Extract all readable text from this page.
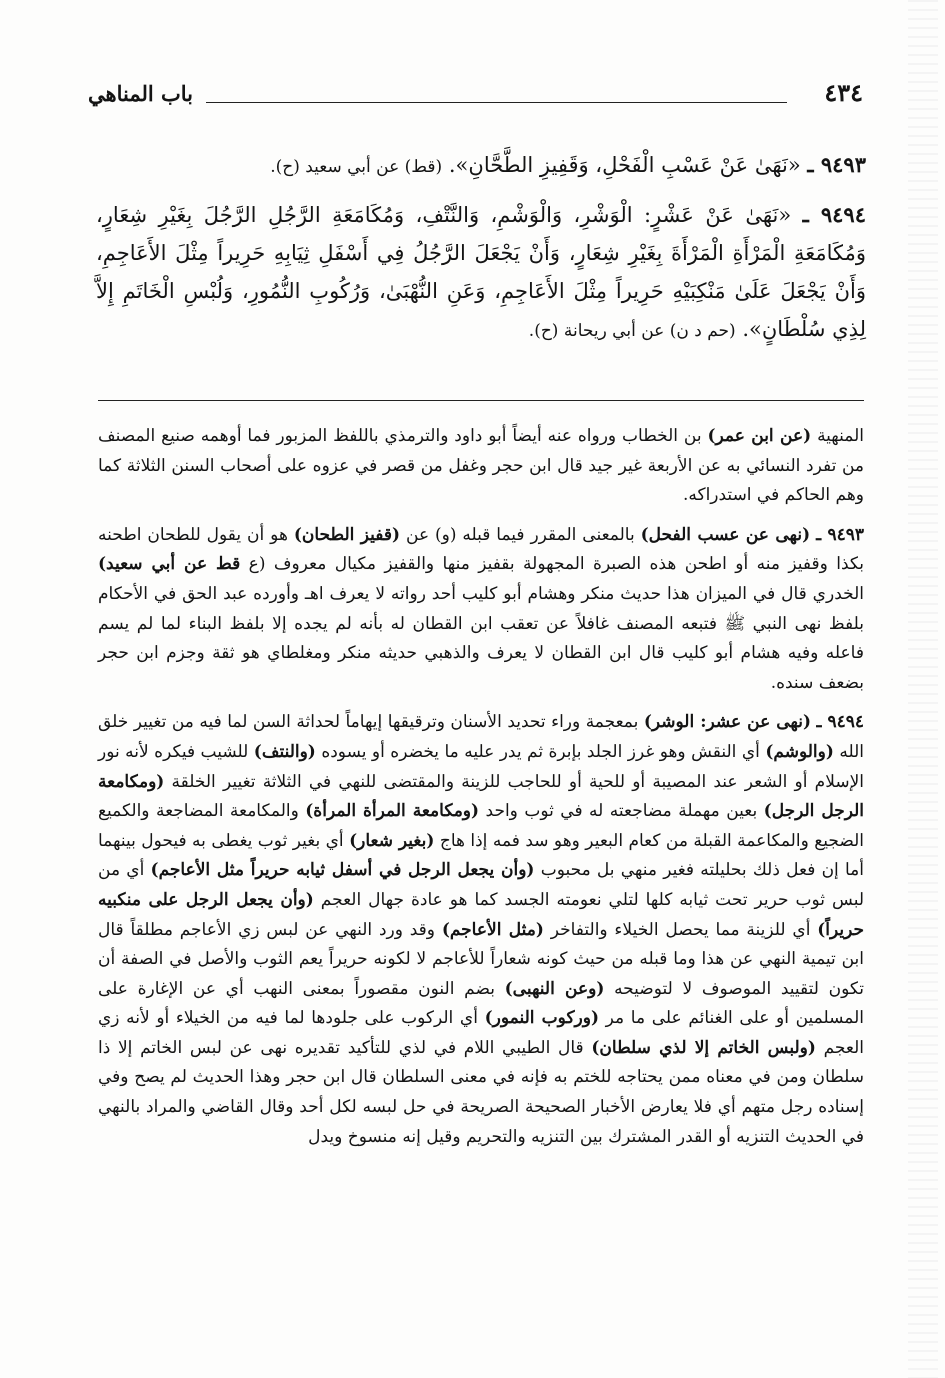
٤٣٤
باب المناهي

٩٤٩٣ ـ «نَهَىٰ عَنْ عَسْبِ الْفَحْلِ، وَقَفِيزِ الطَّحَّانِ». (قط) عن أبي سعيد (ح).

٩٤٩٤ ـ «نَهَىٰ عَنْ عَشْرٍ: الْوَشْرِ، وَالْوَشْمِ، وَالنَّتْفِ، وَمُكَامَعَةِ الرَّجُلِ الرَّجُلَ بِغَيْرِ شِعَارٍ، وَمُكَامَعَةِ الْمَرْأَةِ الْمَرْأَةَ بِغَيْرِ شِعَارٍ، وَأَنْ يَجْعَلَ الرَّجُلُ فِي أَسْفَلِ ثِيَابِهِ حَرِيراً مِثْلَ الأَعَاجِمِ، وَأَنْ يَجْعَلَ عَلَىٰ مَنْكِبَيْهِ حَرِيراً مِثْلَ الأَعَاجِمِ، وَعَنِ النُّهْبَىٰ، وَرُكُوبِ النُّمُورِ، وَلُبْسِ الْخَاتَمِ إِلاَّ لِذِي سُلْطَانٍ». (حم د ن) عن أبي ريحانة (ح).

المنهية (عن ابن عمر) بن الخطاب ورواه عنه أيضاً أبو داود والترمذي باللفظ المزبور فما أوهمه صنيع المصنف من تفرد النسائي به عن الأربعة غير جيد قال ابن حجر وغفل من قصر في عزوه على أصحاب السنن الثلاثة كما وهم الحاكم في استدراكه.

٩٤٩٣ ـ (نهى عن عسب الفحل) بالمعنى المقرر فيما قبله (و) عن (قفيز الطحان) هو أن يقول للطحان اطحنه بكذا وقفيز منه أو اطحن هذه الصبرة المجهولة بقفيز منها والقفيز مكيال معروف (ع قط عن أبي سعيد) الخدري قال في الميزان هذا حديث منكر وهشام أبو كليب أحد رواته لا يعرف اهـ وأورده عبد الحق في الأحكام بلفظ نهى النبي ﷺ فتبعه المصنف غافلاً عن تعقب ابن القطان له بأنه لم يجده إلا بلفظ البناء لما لم يسم فاعله وفيه هشام أبو كليب قال ابن القطان لا يعرف والذهبي حديثه منكر ومغلطاي هو ثقة وجزم ابن حجر بضعف سنده.

٩٤٩٤ ـ (نهى عن عشر: الوشر) بمعجمة وراء تحديد الأسنان وترقيقها إيهاماً لحداثة السن لما فيه من تغيير خلق الله (والوشم) أي النقش وهو غرز الجلد بإبرة ثم يدر عليه ما يخضره أو يسوده (والنتف) للشيب فيكره لأنه نور الإسلام أو الشعر عند المصيبة أو للحية أو للحاجب للزينة والمقتضى للنهي في الثلاثة تغيير الخلقة (ومكامعة الرجل الرجل) بعين مهملة مضاجعته له في ثوب واحد (ومكامعة المرأة المرأة) والمكامعة المضاجعة والكميع الضجيع والمكاعمة القبلة من كعام البعير وهو سد فمه إذا هاج (بغير شعار) أي بغير ثوب يغطى به فيحول بينهما أما إن فعل ذلك بحليلته فغير منهي بل محبوب (وأن يجعل الرجل في أسفل ثيابه حريراً مثل الأعاجم) أي من لبس ثوب حرير تحت ثيابه كلها لتلي نعومته الجسد كما هو عادة جهال العجم (وأن يجعل الرجل على منكبيه حريراً) أي للزينة مما يحصل الخيلاء والتفاخر (مثل الأعاجم) وقد ورد النهي عن لبس زي الأعاجم مطلقاً قال ابن تيمية النهي عن هذا وما قبله من حيث كونه شعاراً للأعاجم لا لكونه حريراً يعم الثوب والأصل في الصفة أن تكون لتقييد الموصوف لا لتوضيحه (وعن النهبى) بضم النون مقصوراً بمعنى النهب أي عن الإغارة على المسلمين أو على الغنائم على ما مر (وركوب النمور) أي الركوب على جلودها لما فيه من الخيلاء أو لأنه زي العجم (ولبس الخاتم إلا لذي سلطان) قال الطيبي اللام في لذي للتأكيد تقديره نهى عن لبس الخاتم إلا ذا سلطان ومن في معناه ممن يحتاجه للختم به فإنه في معنى السلطان قال ابن حجر وهذا الحديث لم يصح وفي إسناده رجل متهم أي فلا يعارض الأخبار الصحيحة الصريحة في حل لبسه لكل أحد وقال القاضي والمراد بالنهي في الحديث التنزيه أو القدر المشترك بين التنزيه والتحريم وقيل إنه منسوخ ويدل
